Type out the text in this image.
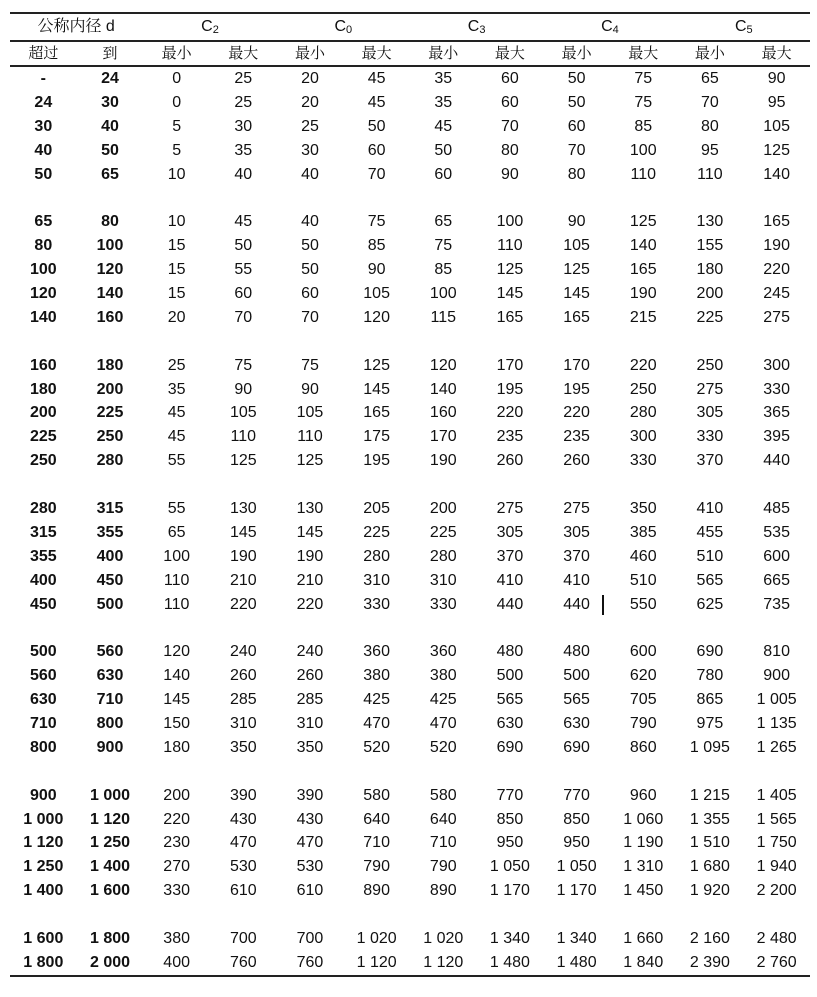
公称内径 d		$C_2$		$C_0$		$C_3$		$C_4$		$C_5$
超过	到	最小	最大	最小	最大	最小	最大	最小	最大	最小	最大
-	24	0	25	20	45	35	60	50	75	65	90
24	30	0	25	20	45	35	60	50	75	70	95
30	40	5	30	25	50	45	70	60	85	80	105
40	50	5	35	30	60	50	80	70	100	95	125
50	65	10	40	40	70	60	90	80	110	110	140

65	80	10	45	40	75	65	100	90	125	130	165
80	100	15	50	50	85	75	110	105	140	155	190
100	120	15	55	50	90	85	125	125	165	180	220
120	140	15	60	60	105	100	145	145	190	200	245
140	160	20	70	70	120	115	165	165	215	225	275

160	180	25	75	75	125	120	170	170	220	250	300
180	200	35	90	90	145	140	195	195	250	275	330
200	225	45	105	105	165	160	220	220	280	305	365
225	250	45	110	110	175	170	235	235	300	330	395
250	280	55	125	125	195	190	260	260	330	370	440

280	315	55	130	130	205	200	275	275	350	410	485
315	355	65	145	145	225	225	305	305	385	455	535
355	400	100	190	190	280	280	370	370	460	510	600
400	450	110	210	210	310	310	410	410	510	565	665
450	500	110	220	220	330	330	440	440	550	625	735

500	560	120	240	240	360	360	480	480	600	690	810
560	630	140	260	260	380	380	500	500	620	780	900
630	710	145	285	285	425	425	565	565	705	865	1 005
710	800	150	310	310	470	470	630	630	790	975	1 135
800	900	180	350	350	520	520	690	690	860	1 095	1 265

900	1 000	200	390	390	580	580	770	770	960	1 215	1 405
1 000	1 120	220	430	430	640	640	850	850	1 060	1 355	1 565
1 120	1 250	230	470	470	710	710	950	950	1 190	1 510	1 750
1 250	1 400	270	530	530	790	790	1 050	1 050	1 310	1 680	1 940
1 400	1 600	330	610	610	890	890	1 170	1 170	1 450	1 920	2 200

1 600	1 800	380	700	700	1 020	1 020	1 340	1 340	1 660	2 160	2 480
1 800	2 000	400	760	760	1 120	1 120	1 480	1 480	1 840	2 390	2 760
